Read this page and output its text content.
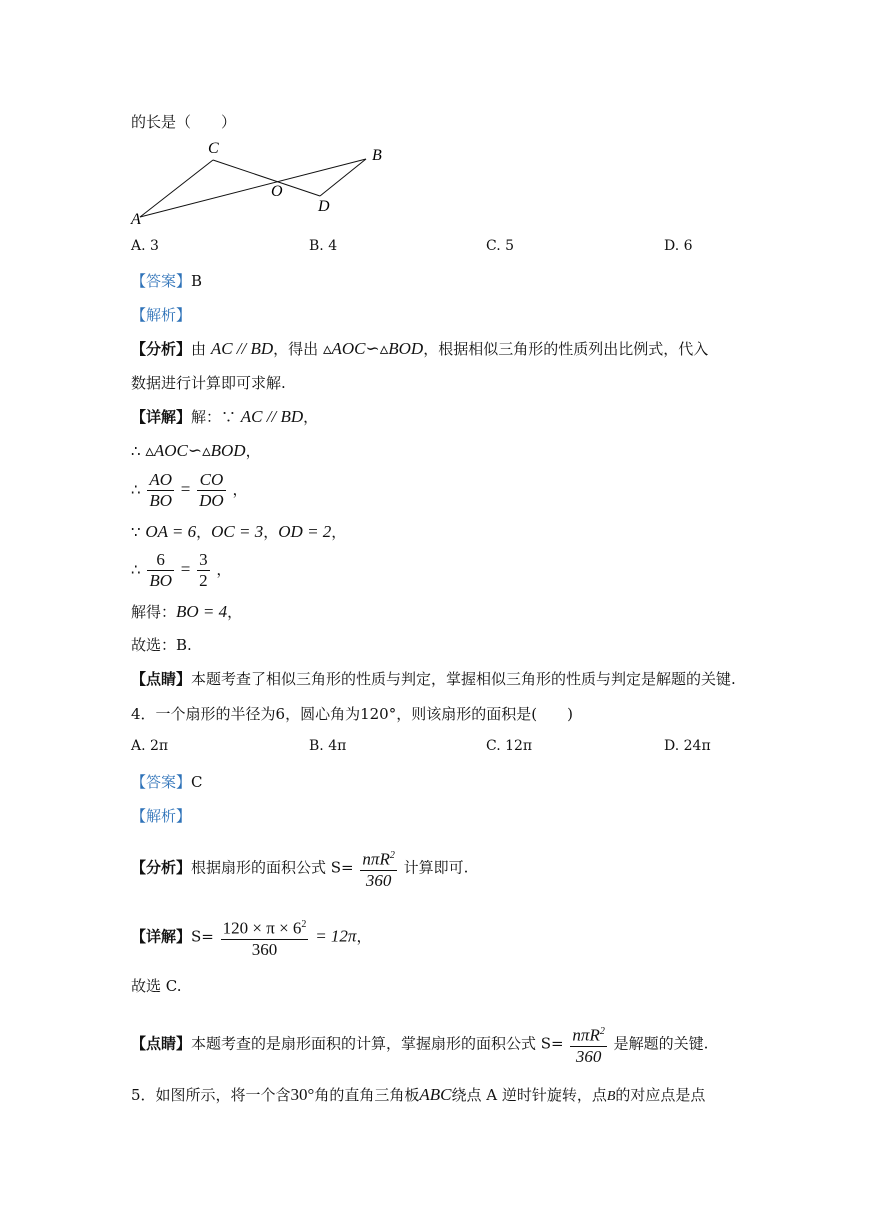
的长是（　　）
C	B
O
D
A
A. 3	B. 4	C. 5	D. 6
【答案】B
【解析】
【分析】由 AC // BD，得出 ▵AOC∽▵BOD，根据相似三角形的性质列出比例式，代入
数据进行计算即可求解.
【详解】解：∵ AC // BD，
∴ ▵AOC∽▵BOD，
∴ $\frac{AO}{BO} = \frac{CO}{DO}$ ，
∵ OA = 6，OC = 3，OD = 2，
∴ $\frac{6}{BO} = \frac{3}{2}$ ，
解得：BO = 4，
故选：B.
【点睛】本题考查了相似三角形的性质与判定，掌握相似三角形的性质与判定是解题的关键.
4．一个扇形的半径为6，圆心角为120°，则该扇形的面积是(　　)
A. 2π	B. 4π	C. 12π	D. 24π
【答案】C
【解析】
【分析】根据扇形的面积公式 $S= \frac{n\pi R^2}{360}$ 计算即可.
【详解】$S= \frac{120 \times \pi \times 6^2}{360} = 12\pi$，
故选 C.
【点睛】本题考查的是扇形面积的计算，掌握扇形的面积公式 $S= \frac{n\pi R^2}{360}$ 是解题的关键.
5．如图所示，将一个含30°角的直角三角板ABC绕点 A 逆时针旋转，点B的对应点是点
